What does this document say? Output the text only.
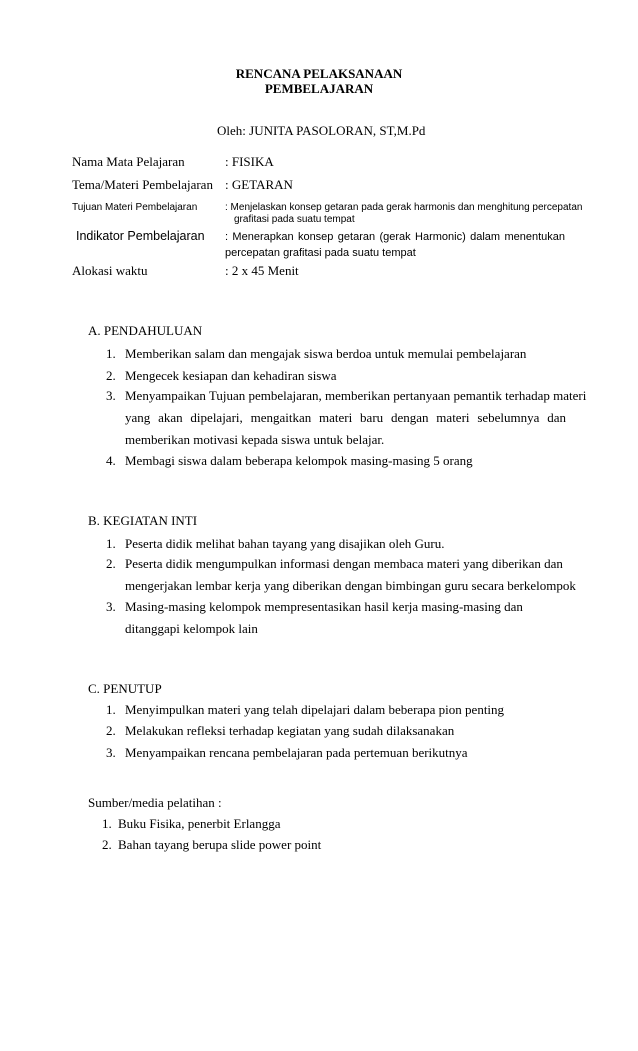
RENCANA PELAKSANAAN
PEMBELAJARAN
Oleh: JUNITA PASOLORAN, ST,M.Pd
Nama Mata Pelajaran	: FISIKA
Tema/Materi Pembelajaran : GETARAN
Tujuan Materi Pembelajaran	: Menjelaskan konsep getaran pada gerak harmonis dan menghitung percepatan
grafitasi pada suatu tempat
Indikator Pembelajaran : Menerapkan konsep getaran (gerak Harmonic) dalam menentukan
percepatan grafitasi pada suatu tempat
Alokasi waktu	: 2 x 45 Menit
A. PENDAHULUAN
1. Memberikan salam dan mengajak siswa berdoa untuk memulai pembelajaran
2. Mengecek kesiapan dan kehadiran siswa
3. Menyampaikan Tujuan pembelajaran, memberikan pertanyaan pemantik terhadap materi
yang akan dipelajari, mengaitkan materi baru dengan materi sebelumnya dan
memberikan motivasi kepada siswa untuk belajar.
4. Membagi siswa dalam beberapa kelompok masing-masing 5 orang
B. KEGIATAN INTI
1. Peserta didik melihat bahan tayang yang disajikan oleh Guru.
2. Peserta didik mengumpulkan informasi dengan membaca materi yang diberikan dan
mengerjakan lembar kerja yang diberikan dengan bimbingan guru secara berkelompok
3. Masing-masing kelompok mempresentasikan hasil kerja masing-masing dan
ditanggapi kelompok lain
C. PENUTUP
1. Menyimpulkan materi yang telah dipelajari dalam beberapa pion penting
2. Melakukan refleksi terhadap kegiatan yang sudah dilaksanakan
3. Menyampaikan rencana pembelajaran pada pertemuan berikutnya
Sumber/media pelatihan :
1. Buku Fisika, penerbit Erlangga
2. Bahan tayang berupa slide power point
